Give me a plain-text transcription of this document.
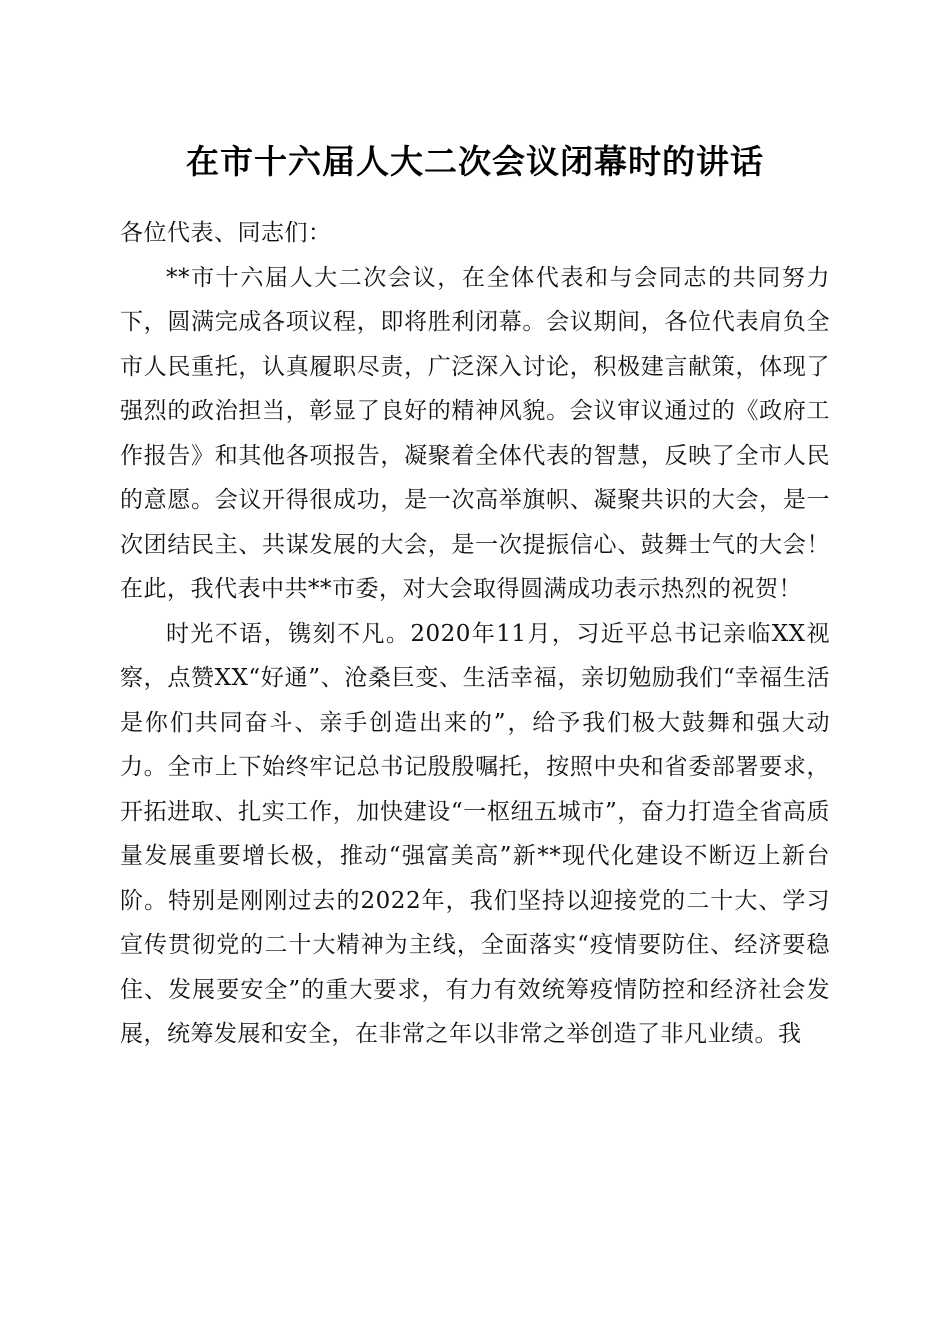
在市十六届人大二次会议闭幕时的讲话

各位代表、同志们：

**市十六届人大二次会议，在全体代表和与会同志的共同努力下，圆满完成各项议程，即将胜利闭幕。会议期间，各位代表肩负全市人民重托，认真履职尽责，广泛深入讨论，积极建言献策，体现了强烈的政治担当，彰显了良好的精神风貌。会议审议通过的《政府工作报告》和其他各项报告，凝聚着全体代表的智慧，反映了全市人民的意愿。会议开得很成功，是一次高举旗帜、凝聚共识的大会，是一次团结民主、共谋发展的大会，是一次提振信心、鼓舞士气的大会！在此，我代表中共**市委，对大会取得圆满成功表示热烈的祝贺！

时光不语，镌刻不凡。2020年11月，习近平总书记亲临XX视察，点赞XX“好通”、沧桑巨变、生活幸福，亲切勉励我们“幸福生活是你们共同奋斗、亲手创造出来的”，给予我们极大鼓舞和强大动力。全市上下始终牢记总书记殷殷嘱托，按照中央和省委部署要求，开拓进取、扎实工作，加快建设“一枢纽五城市”，奋力打造全省高质量发展重要增长极，推动“强富美高”新**现代化建设不断迈上新台阶。特别是刚刚过去的2022年，我们坚持以迎接党的二十大、学习宣传贯彻党的二十大精神为主线，全面落实“疫情要防住、经济要稳住、发展要安全”的重大要求，有力有效统筹疫情防控和经济社会发展，统筹发展和安全，在非常之年以非常之举创造了非凡业绩。我
